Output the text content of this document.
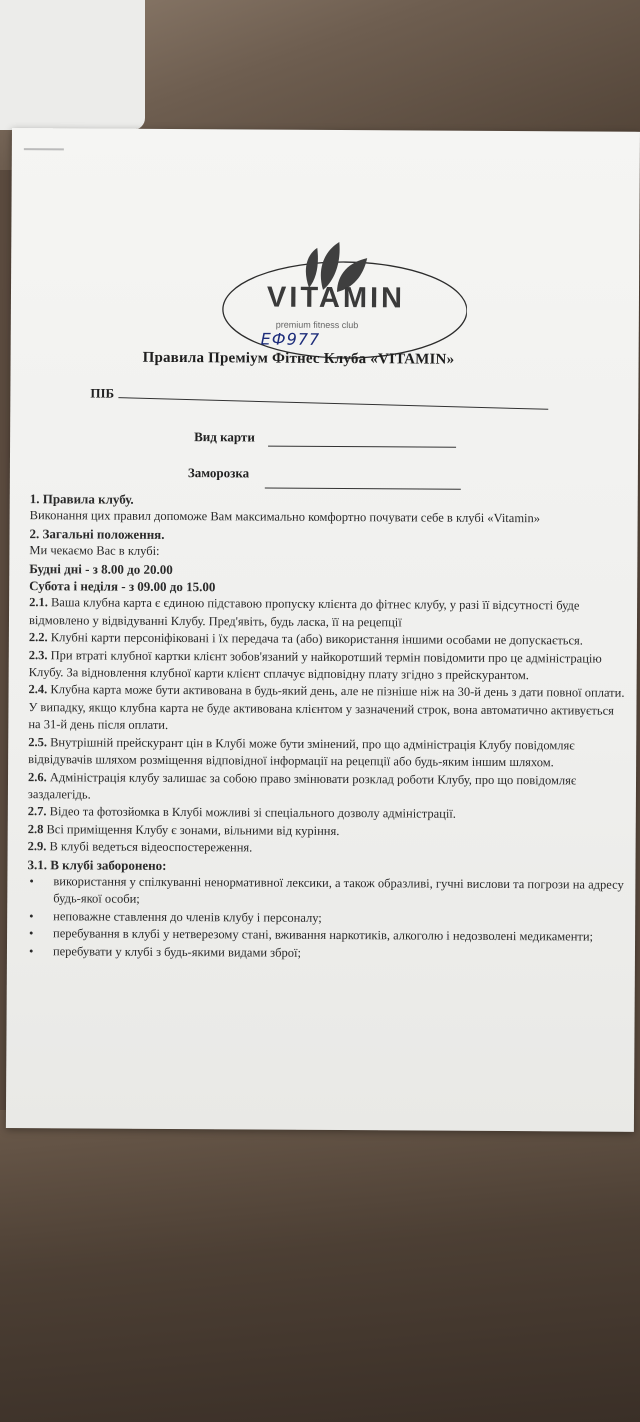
VITAMIN
premium fitness club
ЕФ977
Правила Преміум Фітнес Клуба «VITAMIN»
ПІБ
Вид карти
Заморозка

1. Правила клубу.

Виконання цих правил допоможе Вам максимально комфортно почувати себе в клубі «Vitamin»

2. Загальні положення.

Ми чекаємо Вас в клубі:

Будні дні - з 8.00 до 20.00

Субота і неділя - з 09.00 до 15.00

2.1. Ваша клубна карта є єдиною підставою пропуску клієнта до фітнес клубу, у разі її відсутності буде відмовлено у відвідуванні Клубу. Пред'явіть, будь ласка, її на рецепції

2.2. Клубні карти персоніфіковані і їх передача та (або) використання іншими особами не допускається.

2.3. При втраті клубної картки клієнт зобов'язаний у найкоротший термін повідомити про це адміністрацію Клубу. За відновлення клубної карти клієнт сплачує відповідну плату згідно з прейскурантом.

2.4. Клубна карта може бути активована в будь-який день, але не пізніше ніж на 30-й день з дати повної оплати. У випадку, якщо клубна карта не буде активована клієнтом у зазначений строк, вона автоматично активується на 31-й день після оплати.

2.5. Внутрішній прейскурант цін в Клубі може бути змінений, про що адміністрація Клубу повідомляє відвідувачів шляхом розміщення відповідної інформації на рецепції або будь-яким іншим шляхом.

2.6. Адміністрація клубу залишає за собою право змінювати розклад роботи Клубу, про що повідомляє заздалегідь.

2.7. Відео та фотозйомка в Клубі можливі зі спеціального дозволу адміністрації.

2.8 Всі приміщення Клубу є зонами, вільними від куріння.

2.9. В клубі ведеться відеоспостереження.

3.1. В клубі заборонено:

• використання у спілкуванні ненормативної лексики, а також образливі, гучні вислови та погрози на адресу будь-якої особи;
• неповажне ставлення до членів клубу і персоналу;
• перебування в клубі у нетверезому стані, вживання наркотиків, алкоголю і недозволені медикаменти;
• перебувати у клубі з будь-якими видами зброї;
